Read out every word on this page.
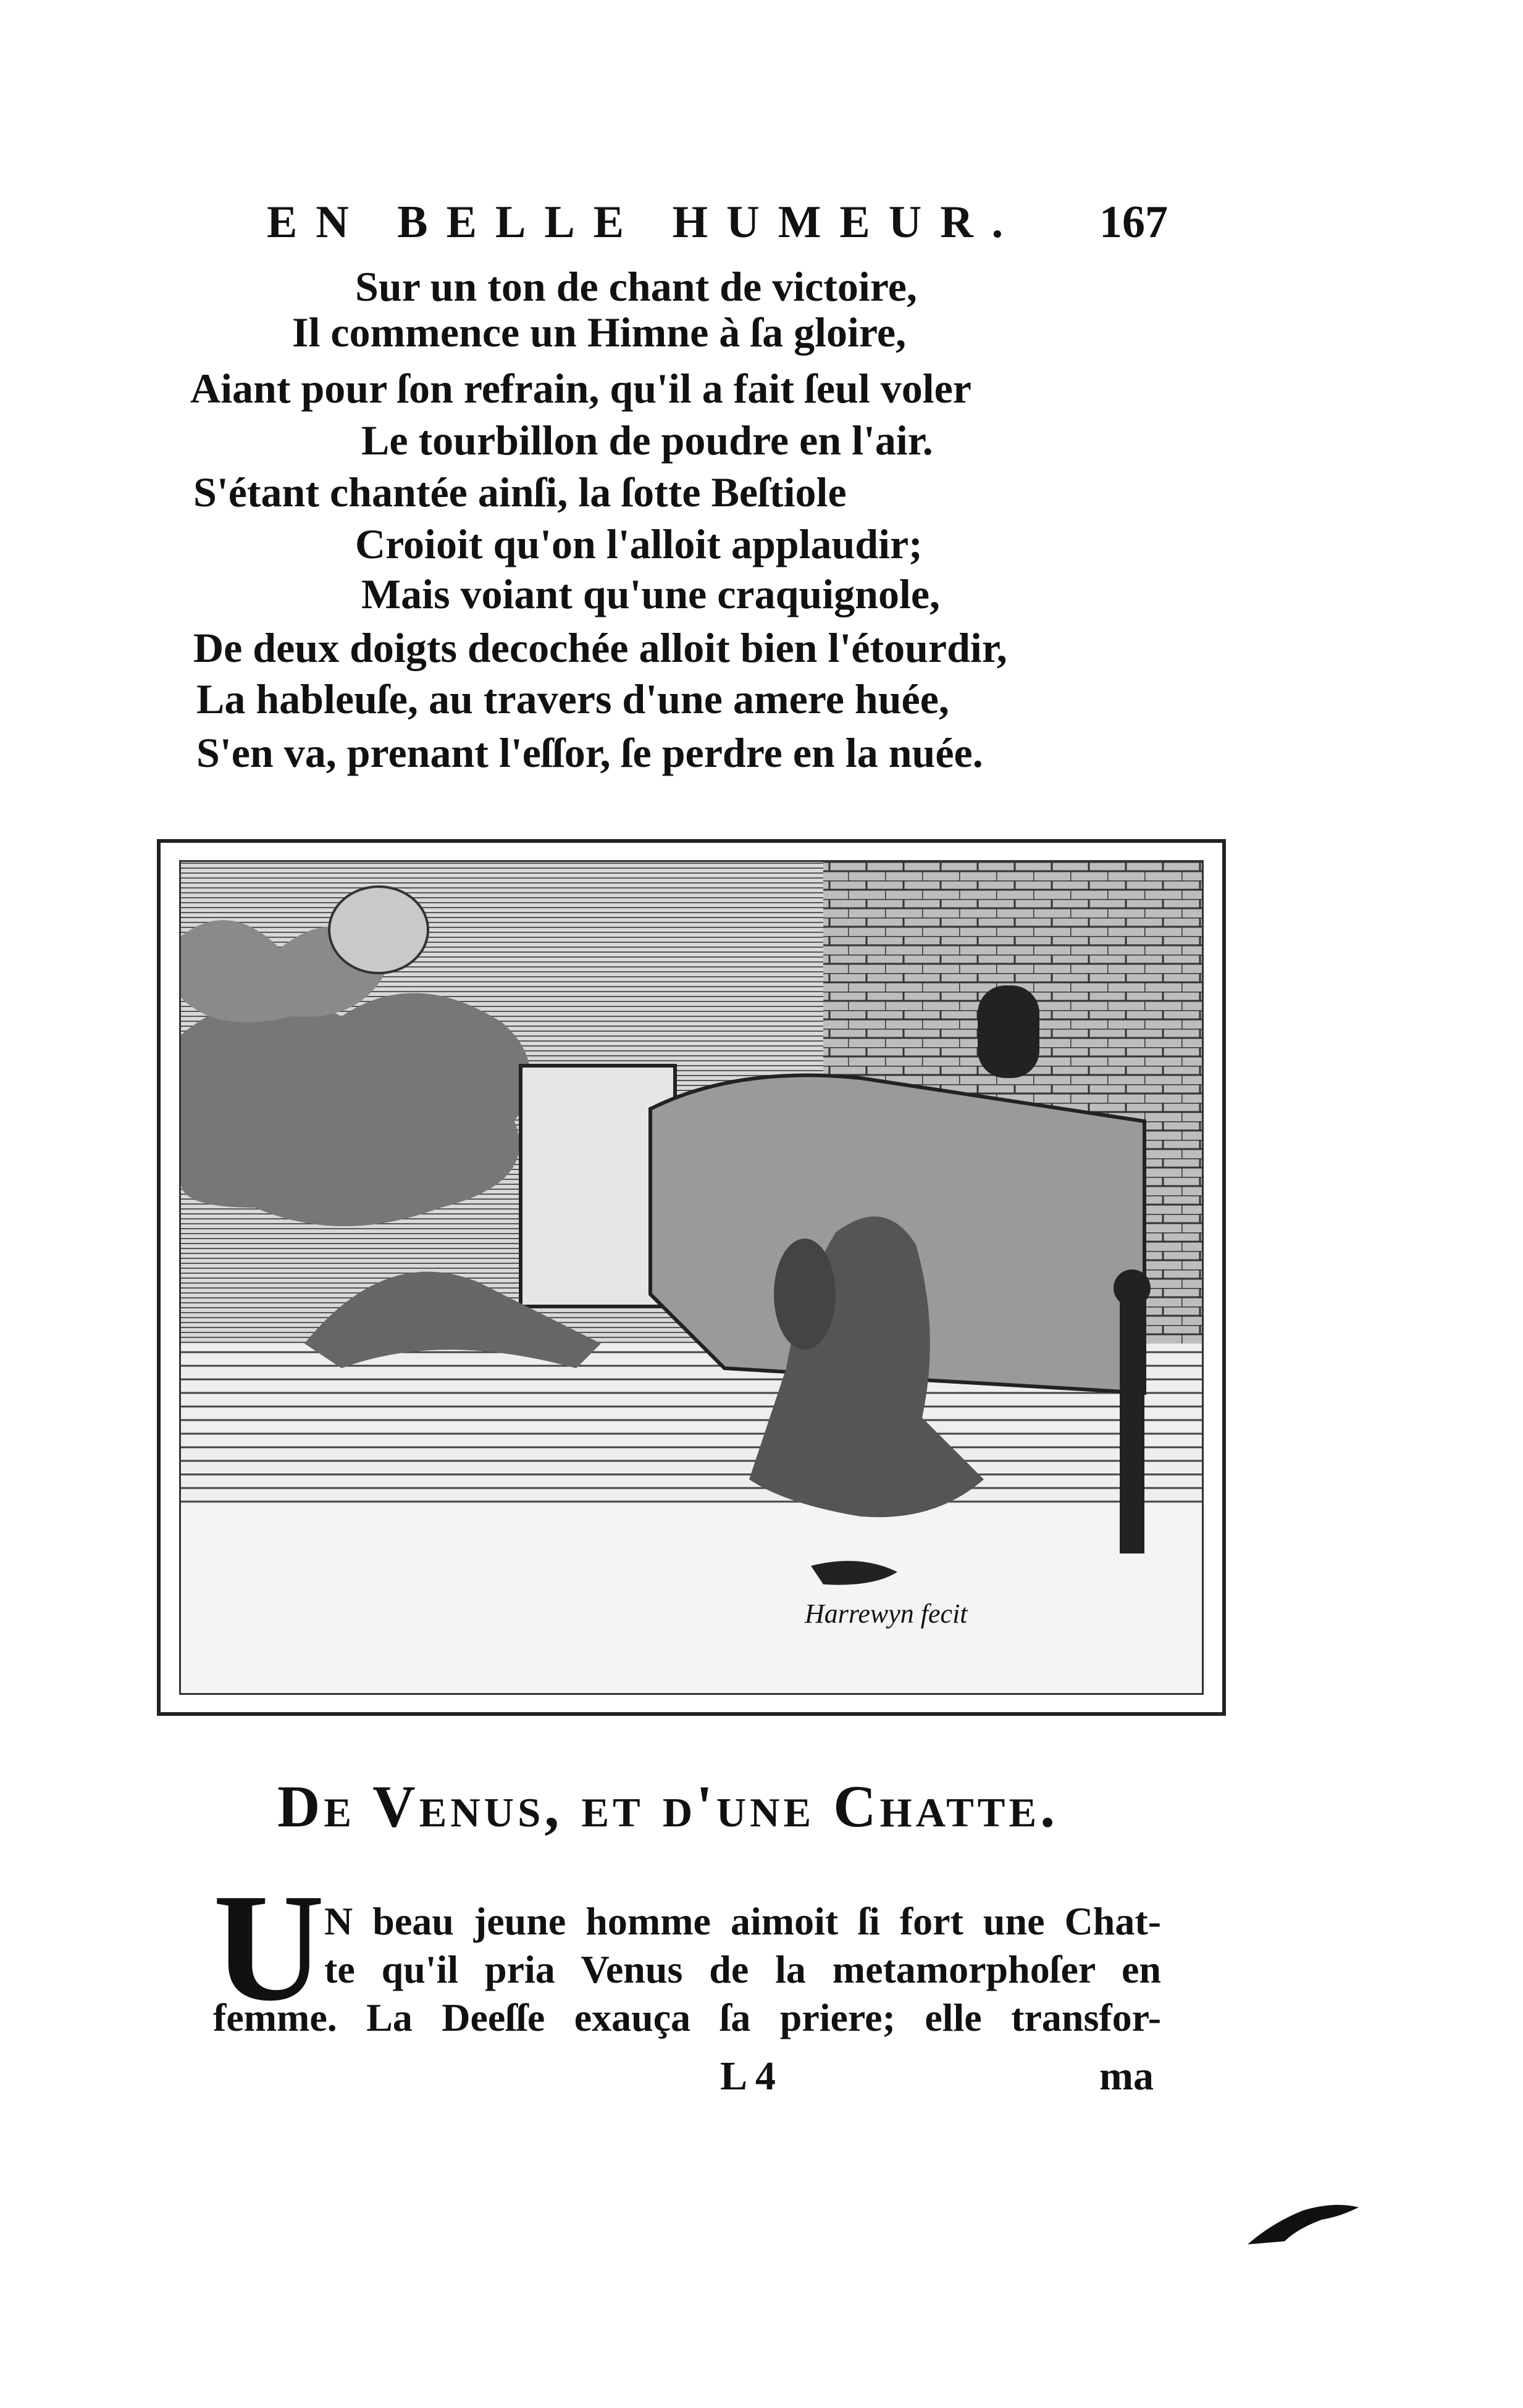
EN BELLE HUMEUR. 167
Sur un ton de chant de victoire,
Il commence un Himne à ſa gloire,
Aiant pour ſon refrain, qu'il a fait ſeul voler
Le tourbillon de poudre en l'air.
S'étant chantée ainſi, la ſotte Beſtiole
Croioit qu'on l'alloit applaudir;
Mais voiant qu'une craquignole,
De deux doigts decochée alloit bien l'étourdir,
La hableuſe, au travers d'une amere huée,
S'en va, prenant l'eſſor, ſe perdre en la nuée.
Harrewyn fecit
De Venus, et d'une Chatte.
U N beau jeune homme aimoit ſi fort une Chat-
te qu'il pria Venus de la metamorphoſer en
femme. La Deeſſe exauça ſa priere; elle transfor-
L 4	ma
